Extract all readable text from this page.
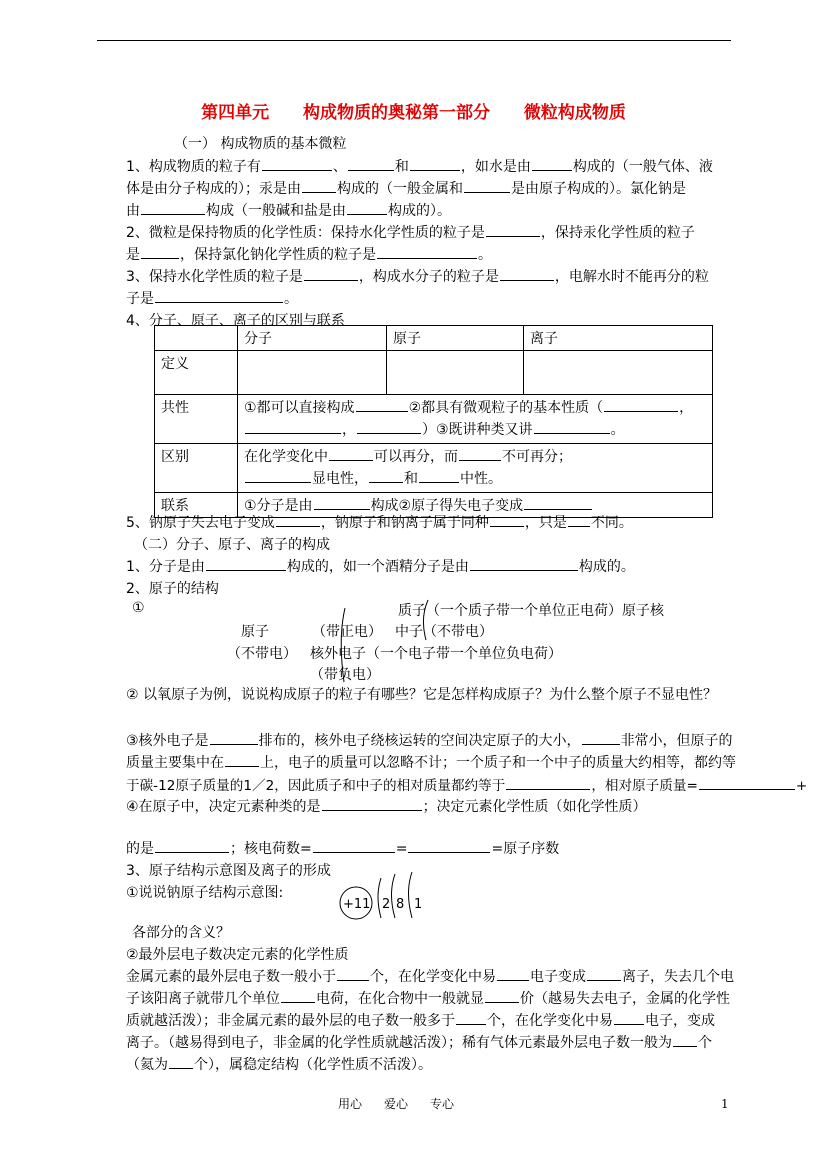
第四单元 构成物质的奥秘第一部分 微粒构成物质
（一） 构成物质的基本微粒
1、构成物质的粒子有	、	和	，如水是由	构成的（一般气体、液
体是由分子构成的）；汞是由	构成的（一般金属和	是由原子构成的）。氯化钠是
由	构成（一般碱和盐是由	构成的）。
2、微粒是保持物质的化学性质：保持水化学性质的粒子是	，保持汞化学性质的粒子
是	，保持氯化钠化学性质的粒子是	。
3、保持水化学性质的粒子是	，构成水分子的粒子是	，电解水时不能再分的粒
子是	。
4、分子、原子、离子的区别与联系
	分子	原子	离子
定义			
共性	①都可以直接构成 ②都具有微观粒子的基本性质（ ，
， ）③既讲种类又讲 。		
区别	在化学变化中 可以再分，而 不可再分；
显电性， 和 中性。		
联系	①分子是由 构成②原子得失电子变成		
5、钠原子失去电子变成	，钠原子和钠离子属于同种	，只是 不同。
（二）分子、原子、离子的构成
1、分子是由	构成的，如一个酒精分子是由	构成的。
2、原子的结构
①	质子（一个质子带一个单位正电荷）原子核
原子	（带正电） 中子（不带电）
（不带电） 核外电子（一个电子带一个单位负电荷）
（带负电）
② 以氧原子为例，说说构成原子的粒子有哪些？它是怎样构成原子？为什么整个原子不显电性？
③核外电子是	排布的，核外电子绕核运转的空间决定原子的大小，	非常小，但原子的
质量主要集中在	上，电子的质量可以忽略不计；一个质子和一个中子的质量大约相等，都约等
于碳-12原子质量的1／2，因此质子和中子的相对质量都约等于	，相对原子质量=	+
④在原子中，决定元素种类的是	；决定元素化学性质（如化学性质）
的是	；核电荷数=	=	=原子序数
3、原子结构示意图及离子的形成
①说说钠原子结构示意图:
+11 2 8 1
各部分的含义？
②最外层电子数决定元素的化学性质
金属元素的最外层电子数一般小于 个，在化学变化中易 电子变成	离子，失去几个电
子该阳离子就带几个单位	电荷，在化合物中一般就显	价（越易失去电子，金属的化学性
质就越活泼）；非金属元素的最外层的电子数一般多于 个，在化学变化中易 电子，变成
离子。（越易得到电子，非金属的化学性质就越活泼）；稀有气体元素最外层电子数一般为 个
（氦为 个），属稳定结构（化学性质不活泼）。
用心 爱心 专心	1
